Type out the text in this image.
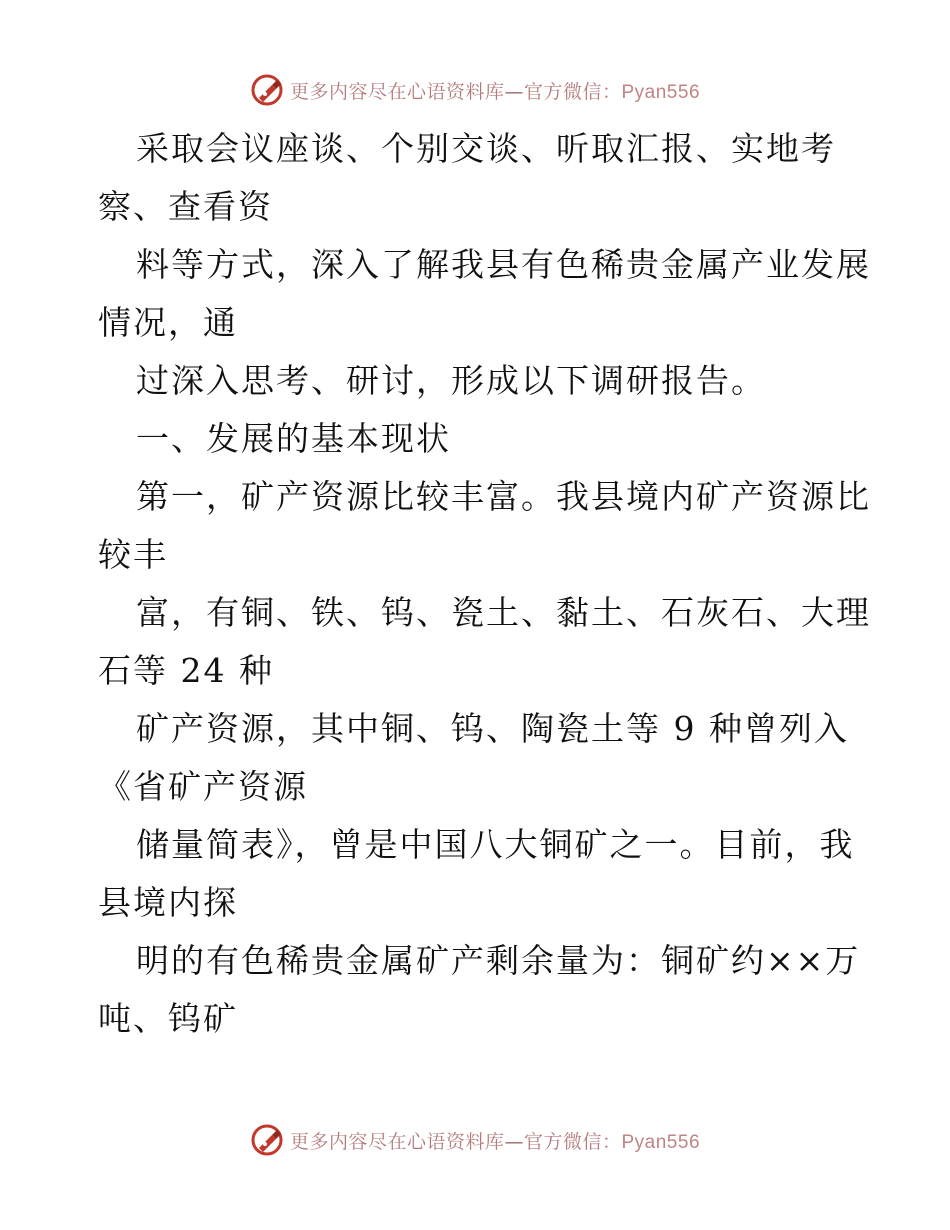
更多内容尽在心语资料库—官方微信：Pyan556
采取会议座谈、个别交谈、听取汇报、实地考
察、查看资
料等方式，深入了解我县有色稀贵金属产业发展
情况，通
过深入思考、研讨，形成以下调研报告。
一、发展的基本现状
第一，矿产资源比较丰富。我县境内矿产资源比
较丰
富，有铜、铁、钨、瓷土、黏土、石灰石、大理
石等 24 种
矿产资源，其中铜、钨、陶瓷土等 9 种曾列入
《省矿产资源
储量简表》，曾是中国八大铜矿之一。目前，我
县境内探
明的有色稀贵金属矿产剩余量为：铜矿约××万
吨、钨矿
更多内容尽在心语资料库—官方微信：Pyan556
